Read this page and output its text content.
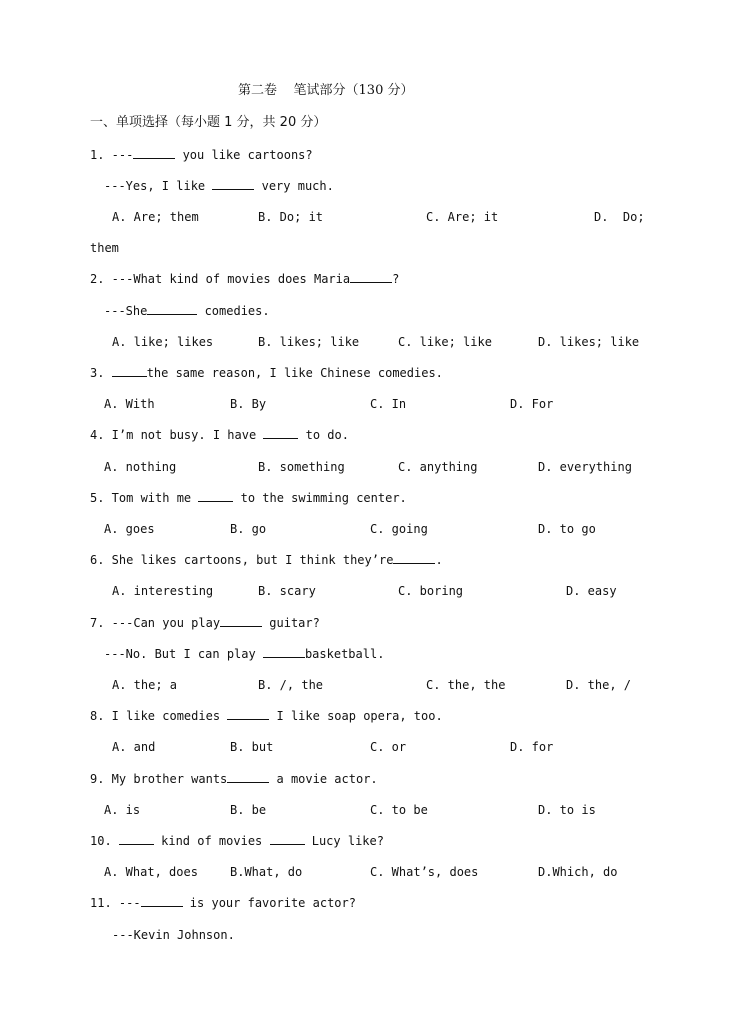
第二卷    笔试部分（130 分）
一、单项选择（每小题 1 分，共 20 分）
1. ---	you like cartoons?
---Yes, I like	very much.
A. Are; them	B. Do; it	C. Are; it	D.  Do;
them
2. ---What kind of movies does Maria	?
---She	comedies.
A. like; likes	B. likes; like	C. like; like	D. likes; like
3.	the same reason, I like Chinese comedies.
A. With	B. By	C. In	D. For
4. I’m not busy. I have	to do.
A. nothing	B. something	C. anything	D. everything
5. Tom with me	to the swimming center.
A. goes	B. go	C. going	D. to go
6. She likes cartoons, but I think they’re	.
A. interesting	B. scary	C. boring	D. easy
7. ---Can you play	guitar?
---No. But I can play	basketball.
A. the; a	B. /, the	C. the, the	D. the, /
8. I like comedies	I like soap opera, too.
A. and	B. but	C. or	D. for
9. My brother wants	a movie actor.
A. is	B. be	C. to be	D. to is
10.	kind of movies	Lucy like?
A. What, does	B.What, do	C. What’s, does	D.Which, do
11. ---	is your favorite actor?
---Kevin Johnson.
